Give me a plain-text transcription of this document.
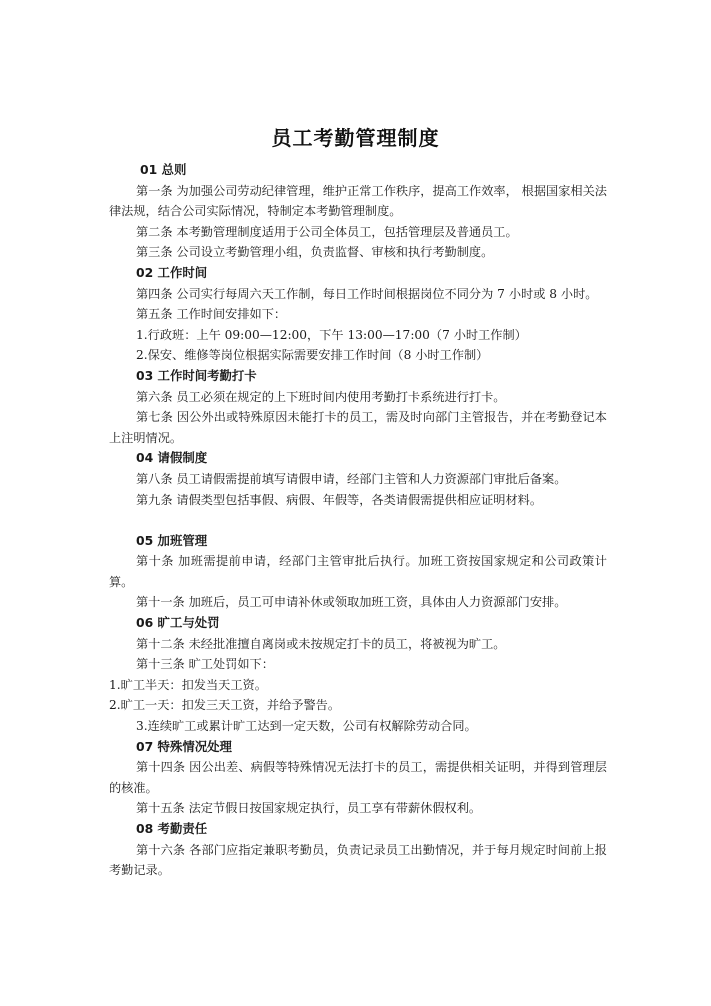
员工考勤管理制度
01 总则
第一条 为加强公司劳动纪律管理，维护正常工作秩序，提高工作效率， 根据国家相关法律法规，结合公司实际情况，特制定本考勤管理制度。
第二条 本考勤管理制度适用于公司全体员工，包括管理层及普通员工。
第三条 公司设立考勤管理小组，负责监督、审核和执行考勤制度。
02 工作时间
第四条 公司实行每周六天工作制，每日工作时间根据岗位不同分为 7 小时或 8 小时。
第五条 工作时间安排如下：
1.行政班：上午 09:00—12:00，下午 13:00—17:00（7 小时工作制）
2.保安、维修等岗位根据实际需要安排工作时间（8 小时工作制）
03 工作时间考勤打卡
第六条 员工必须在规定的上下班时间内使用考勤打卡系统进行打卡。
第七条 因公外出或特殊原因未能打卡的员工，需及时向部门主管报告，并在考勤登记本上注明情况。
04 请假制度
第八条 员工请假需提前填写请假申请，经部门主管和人力资源部门审批后备案。
第九条 请假类型包括事假、病假、年假等，各类请假需提供相应证明材料。
05 加班管理
第十条 加班需提前申请，经部门主管审批后执行。加班工资按国家规定和公司政策计算。
第十一条 加班后，员工可申请补休或领取加班工资，具体由人力资源部门安排。
06 旷工与处罚
第十二条 未经批准擅自离岗或未按规定打卡的员工，将被视为旷工。
第十三条 旷工处罚如下：
1.旷工半天：扣发当天工资。
2.旷工一天：扣发三天工资，并给予警告。
3.连续旷工或累计旷工达到一定天数，公司有权解除劳动合同。
07 特殊情况处理
第十四条 因公出差、病假等特殊情况无法打卡的员工，需提供相关证明，并得到管理层的核准。
第十五条 法定节假日按国家规定执行，员工享有带薪休假权利。
08 考勤责任
第十六条 各部门应指定兼职考勤员，负责记录员工出勤情况，并于每月规定时间前上报考勤记录。
